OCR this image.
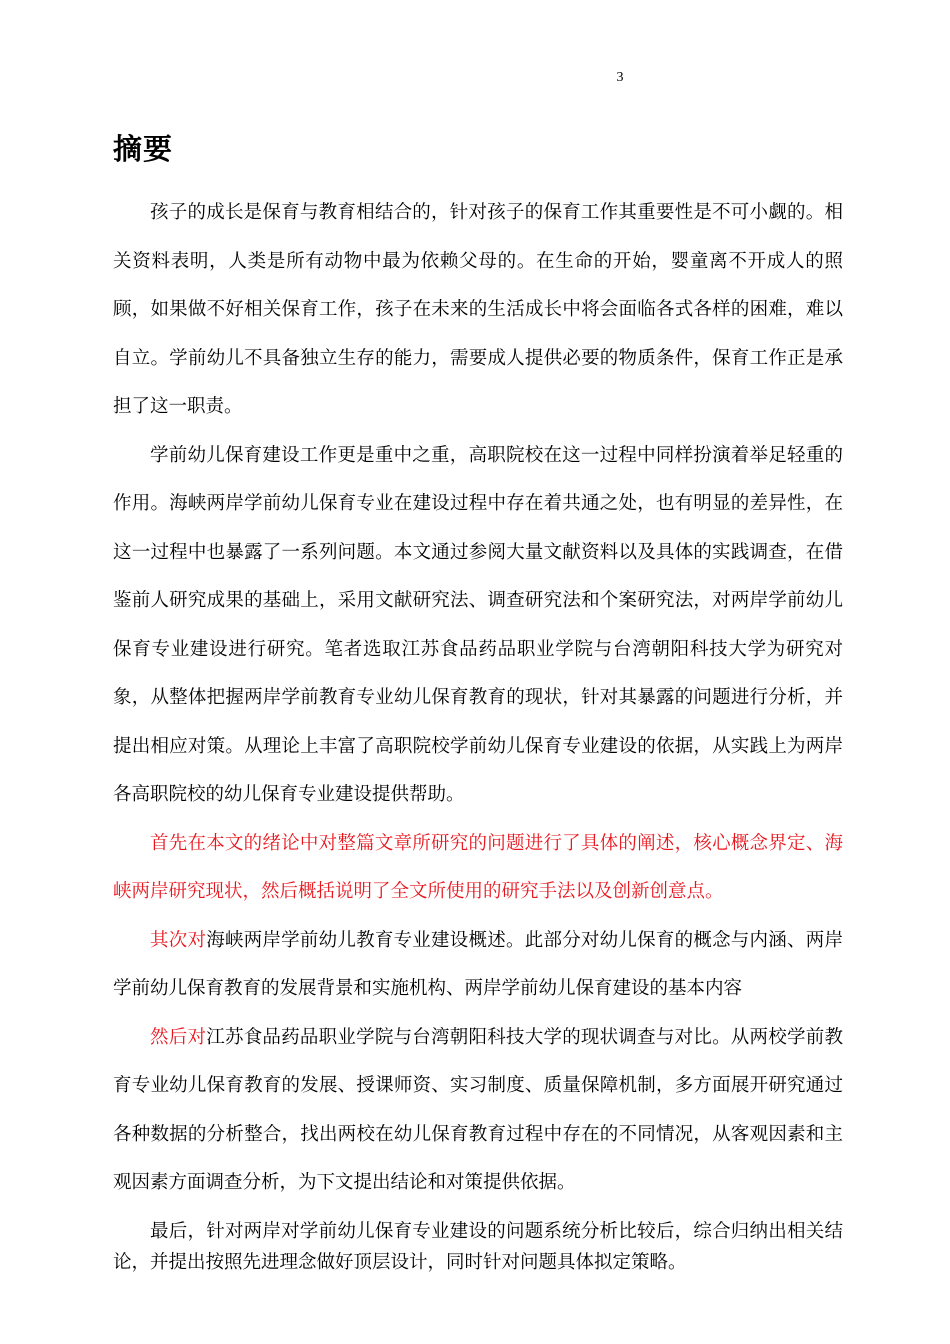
3
摘要

孩子的成长是保育与教育相结合的，针对孩子的保育工作其重要性是不可小觑的。相关资料表明，人类是所有动物中最为依赖父母的。在生命的开始，婴童离不开成人的照顾，如果做不好相关保育工作，孩子在未来的生活成长中将会面临各式各样的困难，难以自立。学前幼儿不具备独立生存的能力，需要成人提供必要的物质条件，保育工作正是承担了这一职责。

学前幼儿保育建设工作更是重中之重，高职院校在这一过程中同样扮演着举足轻重的作用。海峡两岸学前幼儿保育专业在建设过程中存在着共通之处，也有明显的差异性，在这一过程中也暴露了一系列问题。本文通过参阅大量文献资料以及具体的实践调查，在借鉴前人研究成果的基础上，采用文献研究法、调查研究法和个案研究法，对两岸学前幼儿保育专业建设进行研究。笔者选取江苏食品药品职业学院与台湾朝阳科技大学为研究对象，从整体把握两岸学前教育专业幼儿保育教育的现状，针对其暴露的问题进行分析，并提出相应对策。从理论上丰富了高职院校学前幼儿保育专业建设的依据，从实践上为两岸各高职院校的幼儿保育专业建设提供帮助。

首先在本文的绪论中对整篇文章所研究的问题进行了具体的阐述，核心概念界定、海峡两岸研究现状，然后概括说明了全文所使用的研究手法以及创新创意点。

其次对海峡两岸学前幼儿教育专业建设概述。此部分对幼儿保育的概念与内涵、两岸学前幼儿保育教育的发展背景和实施机构、两岸学前幼儿保育建设的基本内容

然后对江苏食品药品职业学院与台湾朝阳科技大学的现状调查与对比。从两校学前教育专业幼儿保育教育的发展、授课师资、实习制度、质量保障机制，多方面展开研究通过各种数据的分析整合，找出两校在幼儿保育教育过程中存在的不同情况，从客观因素和主观因素方面调查分析，为下文提出结论和对策提供依据。

最后，针对两岸对学前幼儿保育专业建设的问题系统分析比较后，综合归纳出相关结论，并提出按照先进理念做好顶层设计，同时针对问题具体拟定策略。
